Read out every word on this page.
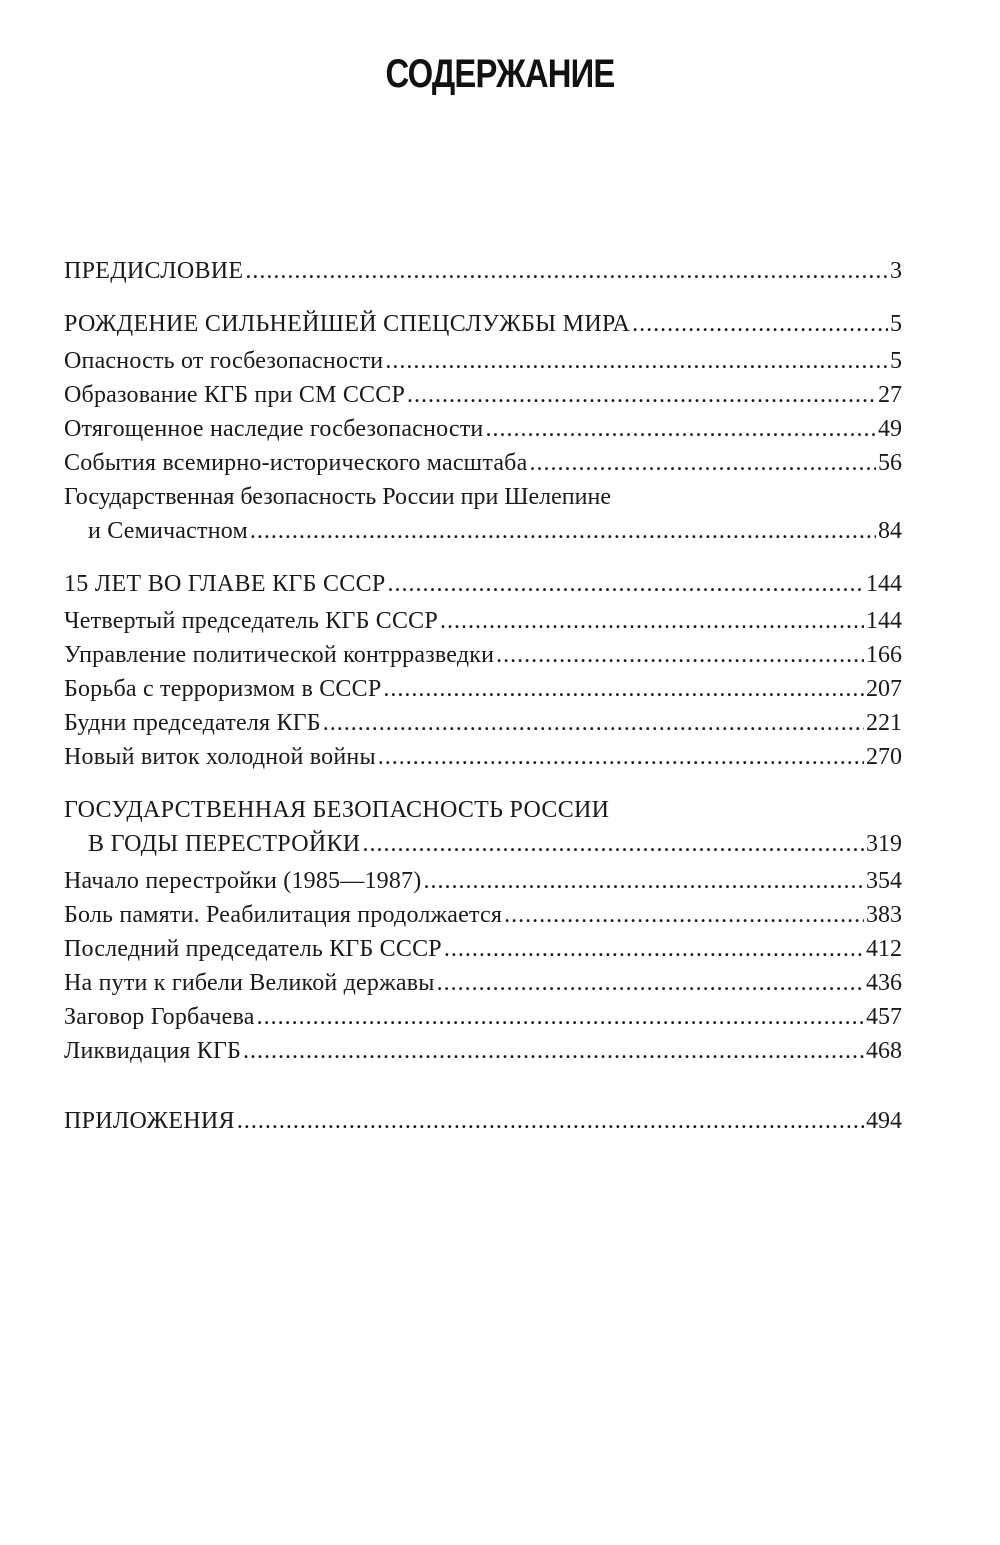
СОДЕРЖАНИЕ
ПРЕДИСЛОВИЕ .....	3
РОЖДЕНИЕ СИЛЬНЕЙШЕЙ СПЕЦСЛУЖБЫ МИРА .....	5
Опасность от госбезопасности .....	5
Образование КГБ при СМ СССР .....	27
Отягощенное наследие госбезопасности .....	49
События всемирно-исторического масштаба .....	56
Государственная безопасность России при Шелепине
и Семичастном .....	84
15 ЛЕТ ВО ГЛАВЕ КГБ СССР .....	144
Четвертый председатель КГБ СССР .....	144
Управление политической контрразведки .....	166
Борьба с терроризмом в СССР .....	207
Будни председателя КГБ .....	221
Новый виток холодной войны .....	270
ГОСУДАРСТВЕННАЯ БЕЗОПАСНОСТЬ РОССИИ
В ГОДЫ ПЕРЕСТРОЙКИ .....	319
Начало перестройки (1985—1987) .....	354
Боль памяти. Реабилитация продолжается .....	383
Последний председатель КГБ СССР .....	412
На пути к гибели Великой державы .....	436
Заговор Горбачева .....	457
Ликвидация КГБ .....	468
ПРИЛОЖЕНИЯ .....	494
